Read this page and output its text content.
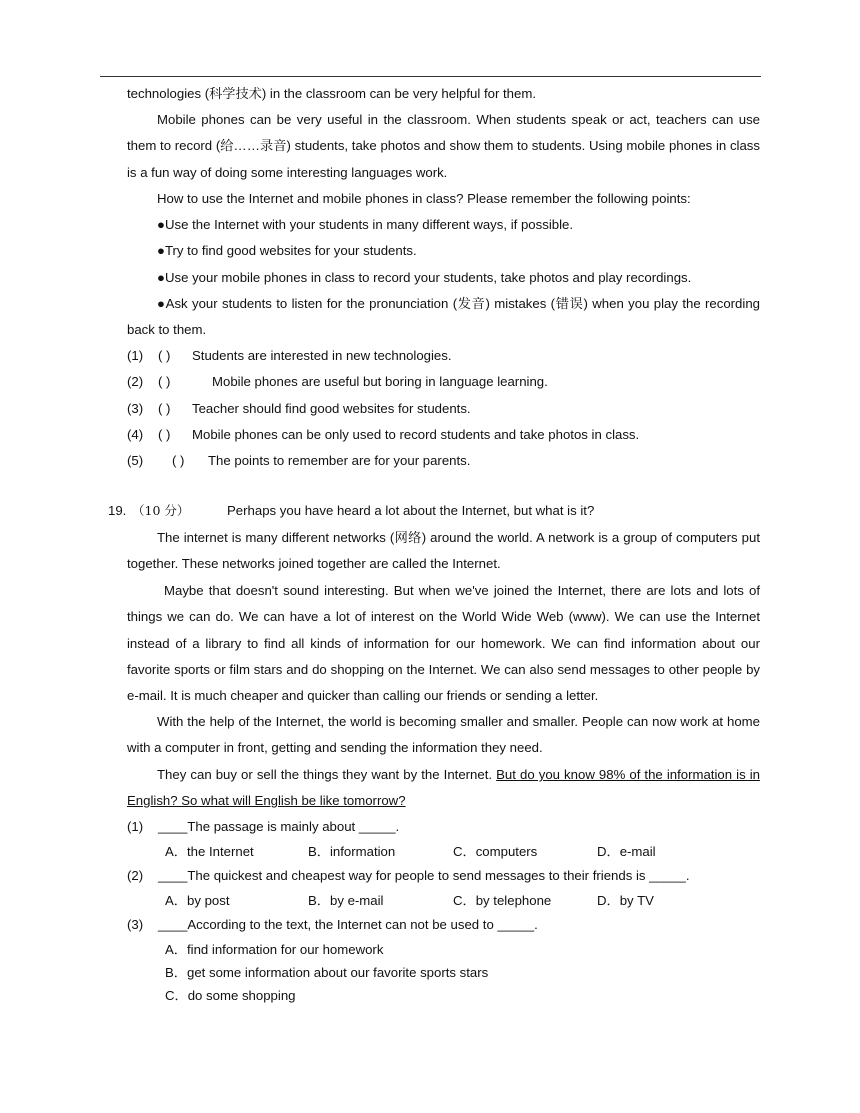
technologies (科学技术) in the classroom can be very helpful for them.

Mobile phones can be very useful in the classroom. When students speak or act, teachers can use them to record (给……录音) students, take photos and show them to students. Using mobile phones in class is a fun way of doing some interesting languages work.

How to use the Internet and mobile phones in class? Please remember the following points:

●Use the Internet with your students in many different ways, if possible.

●Try to find good websites for your students.

●Use your mobile phones in class to record your students, take photos and play recordings.

●Ask your students to listen for the pronunciation (发音) mistakes (错误) when you play the recording back to them.

(1) ( ) Students are interested in new technologies.
(2) ( )	Mobile phones are useful but boring in language learning.
(3) ( ) Teacher should find good websites for students.
(4) ( ) Mobile phones can be only used to record students and take photos in class.
(5) ( ) The points to remember are for your parents.
19. （10 分）	Perhaps you have heard a lot about the Internet, but what is it?

The internet is many different networks (网络) around the world. A network is a group of computers put together. These networks joined together are called the Internet.

Maybe that doesn't sound interesting. But when we've joined the Internet, there are lots and lots of things we can do. We can have a lot of interest on the World Wide Web (www). We can use the Internet instead of a library to find all kinds of information for our homework. We can find information about our favorite sports or film stars and do shopping on the Internet. We can also send messages to other people by e-mail. It is much cheaper and quicker than calling our friends or sending a letter.

With the help of the Internet, the world is becoming smaller and smaller. People can now work at home with a computer in front, getting and sending the information they need.

They can buy or sell the things they want by the Internet. But do you know 98% of the information is in English? So what will English be like tomorrow?

(1) ____The passage is mainly about _____.
A．the Internet	B．information	C．computers	D．e-mail
(2) ____The quickest and cheapest way for people to send messages to their friends is _____.
A．by post	B．by e-mail	C．by telephone	D．by TV
(3) ____According to the text, the Internet can not be used to _____.
A．find information for our homework
B．get some information about our favorite sports stars
C．do some shopping
